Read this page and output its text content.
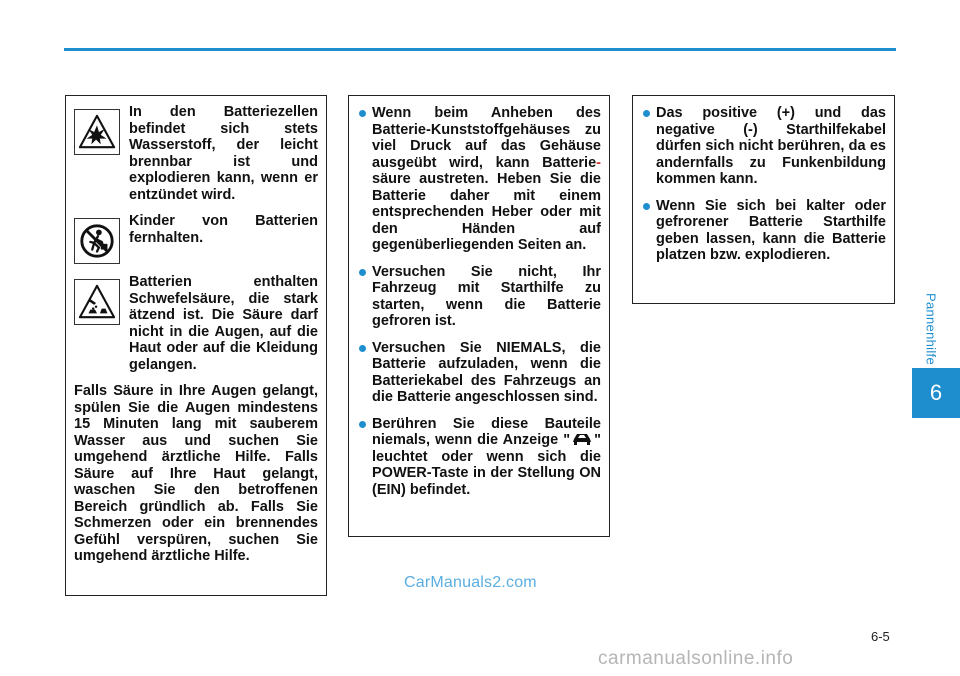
Pannenhilfe
6
In den Batteriezellen befindet sich stets Wasserstoff, der leicht brennbar ist und explodieren kann, wenn er entzündet wird.
Kinder von Batterien fernhalten.
Batterien enthalten Schwefelsäure, die stark ätzend ist. Die Säure darf nicht in die Augen, auf die Haut oder auf die Kleidung gelangen.
Falls Säure in Ihre Augen gelangt, spülen Sie die Augen mindestens 15 Minuten lang mit sauberem Wasser aus und suchen Sie umgehend ärztliche Hilfe. Falls Säure auf Ihre Haut gelangt, waschen Sie den betroffenen Bereich gründlich ab. Falls Sie Schmerzen oder ein brennendes Gefühl verspüren, suchen Sie umgehend ärztliche Hilfe.
Wenn beim Anheben des Batterie-Kunststoffgehäuses zu viel Druck auf das Gehäuse ausgeübt wird, kann Batterie-säure austreten. Heben Sie die Batterie daher mit einem entsprechenden Heber oder mit den Händen auf gegenüberliegenden Seiten an.
Versuchen Sie nicht, Ihr Fahrzeug mit Starthilfe zu starten, wenn die Batterie gefroren ist.
Versuchen Sie NIEMALS, die Batterie aufzuladen, wenn die Batteriekabel des Fahrzeugs an die Batterie angeschlossen sind.
Berühren Sie diese Bauteile niemals, wenn die Anzeige " " leuchtet oder wenn sich die POWER-Taste in der Stellung ON (EIN) befindet.
Das positive (+) und das negative (-) Starthilfekabel dürfen sich nicht berühren, da es andernfalls zu Funkenbildung kommen kann.
Wenn Sie sich bei kalter oder gefrorener Batterie Starthilfe geben lassen, kann die Batterie platzen bzw. explodieren.
CarManuals2.com
6-5
carmanualsonline.info
